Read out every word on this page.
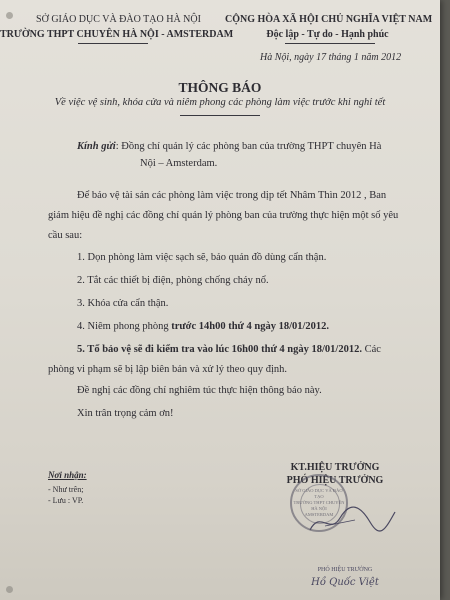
SỞ GIÁO DỤC VÀ ĐÀO TẠO HÀ NỘI
TRƯỜNG THPT CHUYÊN HÀ NỘI - AMSTERDAM
CỘNG HÒA XÃ HỘI CHỦ NGHĨA VIỆT NAM
Độc lập - Tự do - Hạnh phúc
Hà Nội, ngày 17 tháng 1 năm 2012
THÔNG BÁO
Về việc vệ sinh, khóa cửa và niêm phong các phòng làm việc trước khi nghỉ tết
Kính gửi: Đồng chí quản lý các phòng ban của trường THPT chuyên Hà
Nội – Amsterdam.
Để bảo vệ tài sản các phòng làm việc trong dịp tết Nhâm Thìn 2012 , Ban
giám hiệu đề nghị các đồng chí quản lý phòng ban của trường thực hiện một số yêu
cầu sau:
1. Dọn phòng làm việc sạch sẽ, bảo quản đồ dùng cẩn thận.
2. Tắt các thiết bị điện, phòng chống cháy nổ.
3. Khóa cửa cẩn thận.
4. Niêm phong phòng trước 14h00 thứ 4 ngày 18/01/2012.
5. Tổ bảo vệ sẽ đi kiểm tra vào lúc 16h00 thứ 4 ngày 18/01/2012. Các
phòng vi phạm sẽ bị lập biên bản và xử lý theo quy định.
Đề nghị các đồng chí nghiêm túc thực hiện thông báo này.
Xin trân trọng cảm ơn!
Nơi nhận:
- Như trên;
- Lưu : VP.
KT.HIỆU TRƯỞNG
PHÓ HIỆU TRƯỞNG
SỞ GIÁO DỤC VÀ ĐÀO TẠO
TRƯỜNG THPT CHUYÊN HÀ NỘI
AMSTERDAM
PHÓ HIỆU TRƯỞNG
Hồ Quốc Việt
